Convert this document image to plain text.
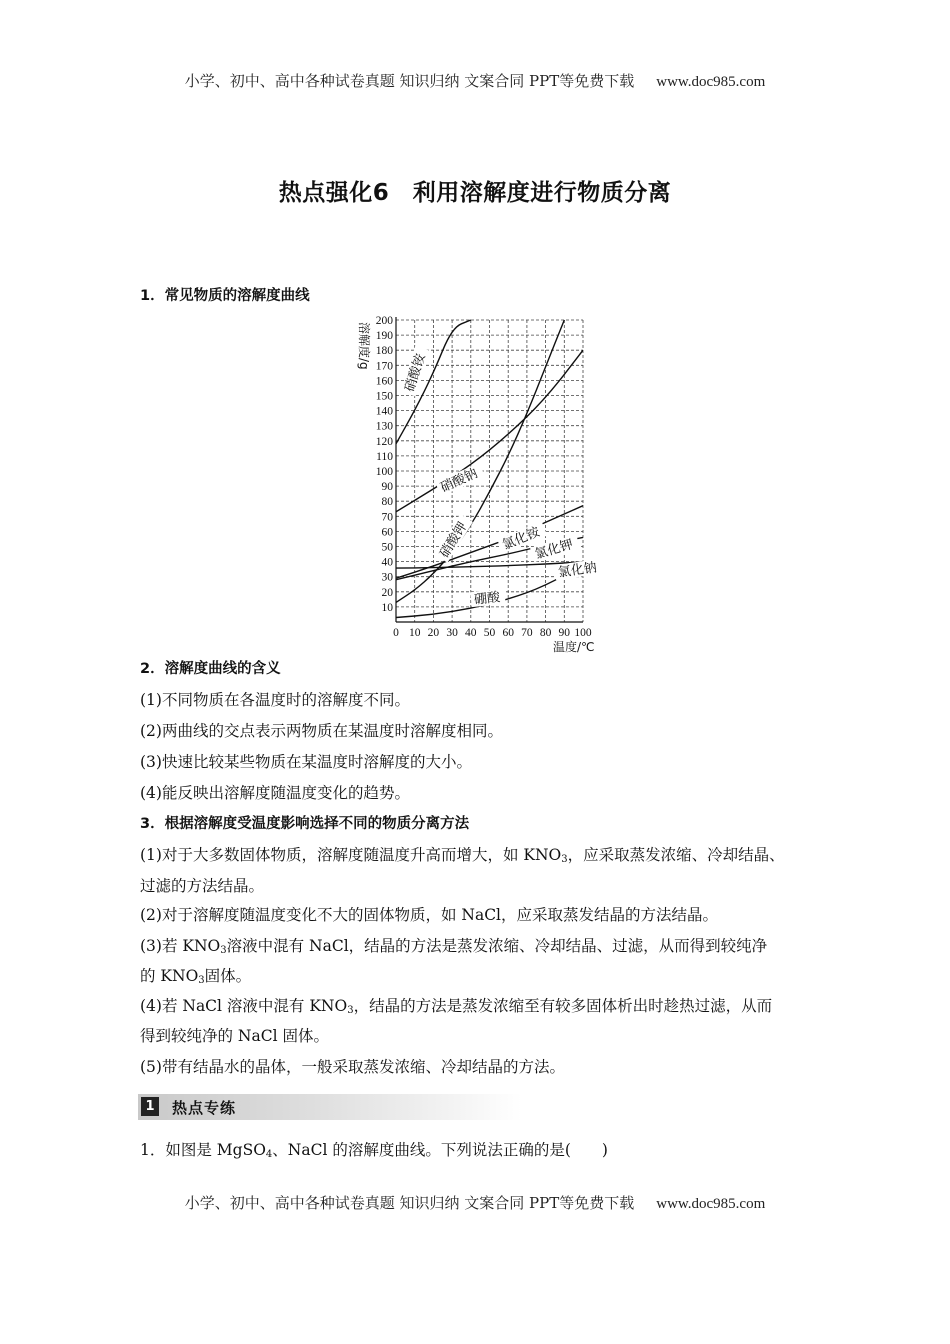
小学、初中、高中各种试卷真题 知识归纳 文案合同 PPT等免费下载 www.doc985.com
热点强化6　利用溶解度进行物质分离
1．常见物质的溶解度曲线
10
20
30
40
50
60
70
80
90
100
110
120
130
140
150
160
170
180
190
200
0 10 20 30 40 50 60 70 80 90 100
硝酸铵
硝酸钠
硝酸钾 氯化铵
氯化钾
氯化钠
硼酸
溶解度/g
温度/℃
2．溶解度曲线的含义
(1)不同物质在各温度时的溶解度不同。
(2)两曲线的交点表示两物质在某温度时溶解度相同。
(3)快速比较某些物质在某温度时溶解度的大小。
(4)能反映出溶解度随温度变化的趋势。
3．根据溶解度受温度影响选择不同的物质分离方法
(1)对于大多数固体物质，溶解度随温度升高而增大，如 $KNO_3$，应采取蒸发浓缩、冷却结晶、
过滤的方法结晶。
(2)对于溶解度随温度变化不大的固体物质，如 NaCl，应采取蒸发结晶的方法结晶。
(3)若 $KNO_3$溶液中混有 NaCl，结晶的方法是蒸发浓缩、冷却结晶、过滤，从而得到较纯净
的 $KNO_3$固体。
(4)若 NaCl 溶液中混有 $KNO_3$，结晶的方法是蒸发浓缩至有较多固体析出时趁热过滤，从而
得到较纯净的 NaCl 固体。
(5)带有结晶水的晶体，一般采取蒸发浓缩、冷却结晶的方法。
1 热点专练
1．如图是 MgSO$_4$、NaCl 的溶解度曲线。下列说法正确的是(　　)
小学、初中、高中各种试卷真题 知识归纳 文案合同 PPT等免费下载 www.doc985.com
